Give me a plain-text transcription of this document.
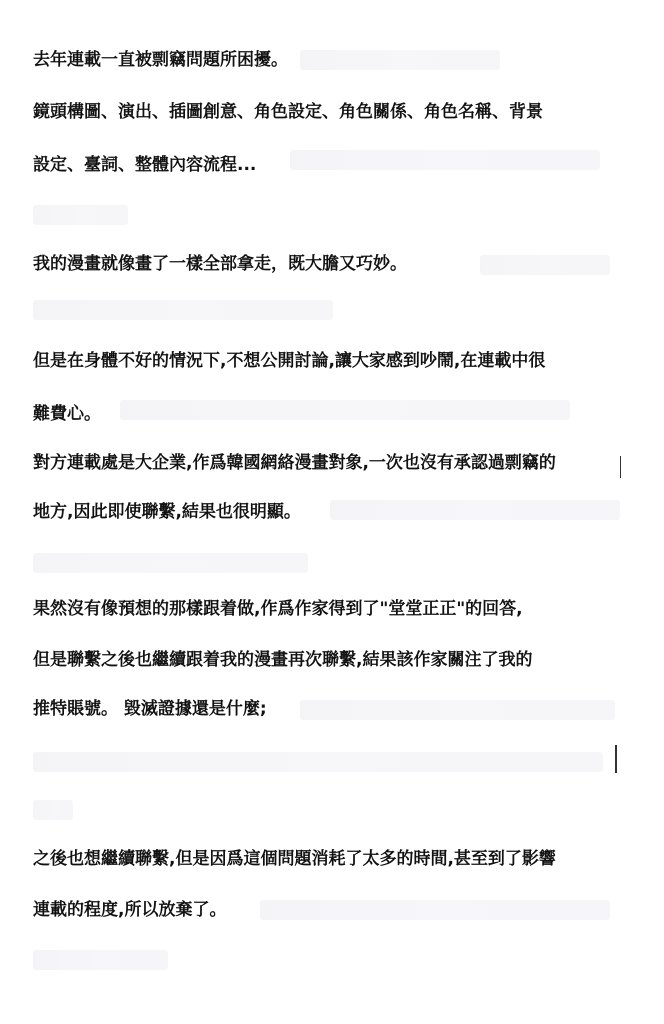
去年連載一直被剽竊問題所困擾。
鏡頭構圖、演出、插圖創意、角色設定、角色關係、角色名稱、背景
設定、臺詞、整體內容流程...
我的漫畫就像畫了一樣全部拿走，既大膽又巧妙。
但是在身體不好的情況下,不想公開討論,讓大家感到吵鬧,在連載中很
難費心。
對方連載處是大企業,作爲韓國網絡漫畫對象,一次也沒有承認過剽竊的
地方,因此即使聯繫,結果也很明顯。
果然沒有像預想的那樣跟着做,作爲作家得到了"堂堂正正"的回答,
但是聯繫之後也繼續跟着我的漫畫再次聯繫,結果該作家關注了我的
推特賬號。 毀滅證據還是什麼;
之後也想繼續聯繫,但是因爲這個問題消耗了太多的時間,甚至到了影響
連載的程度,所以放棄了。
